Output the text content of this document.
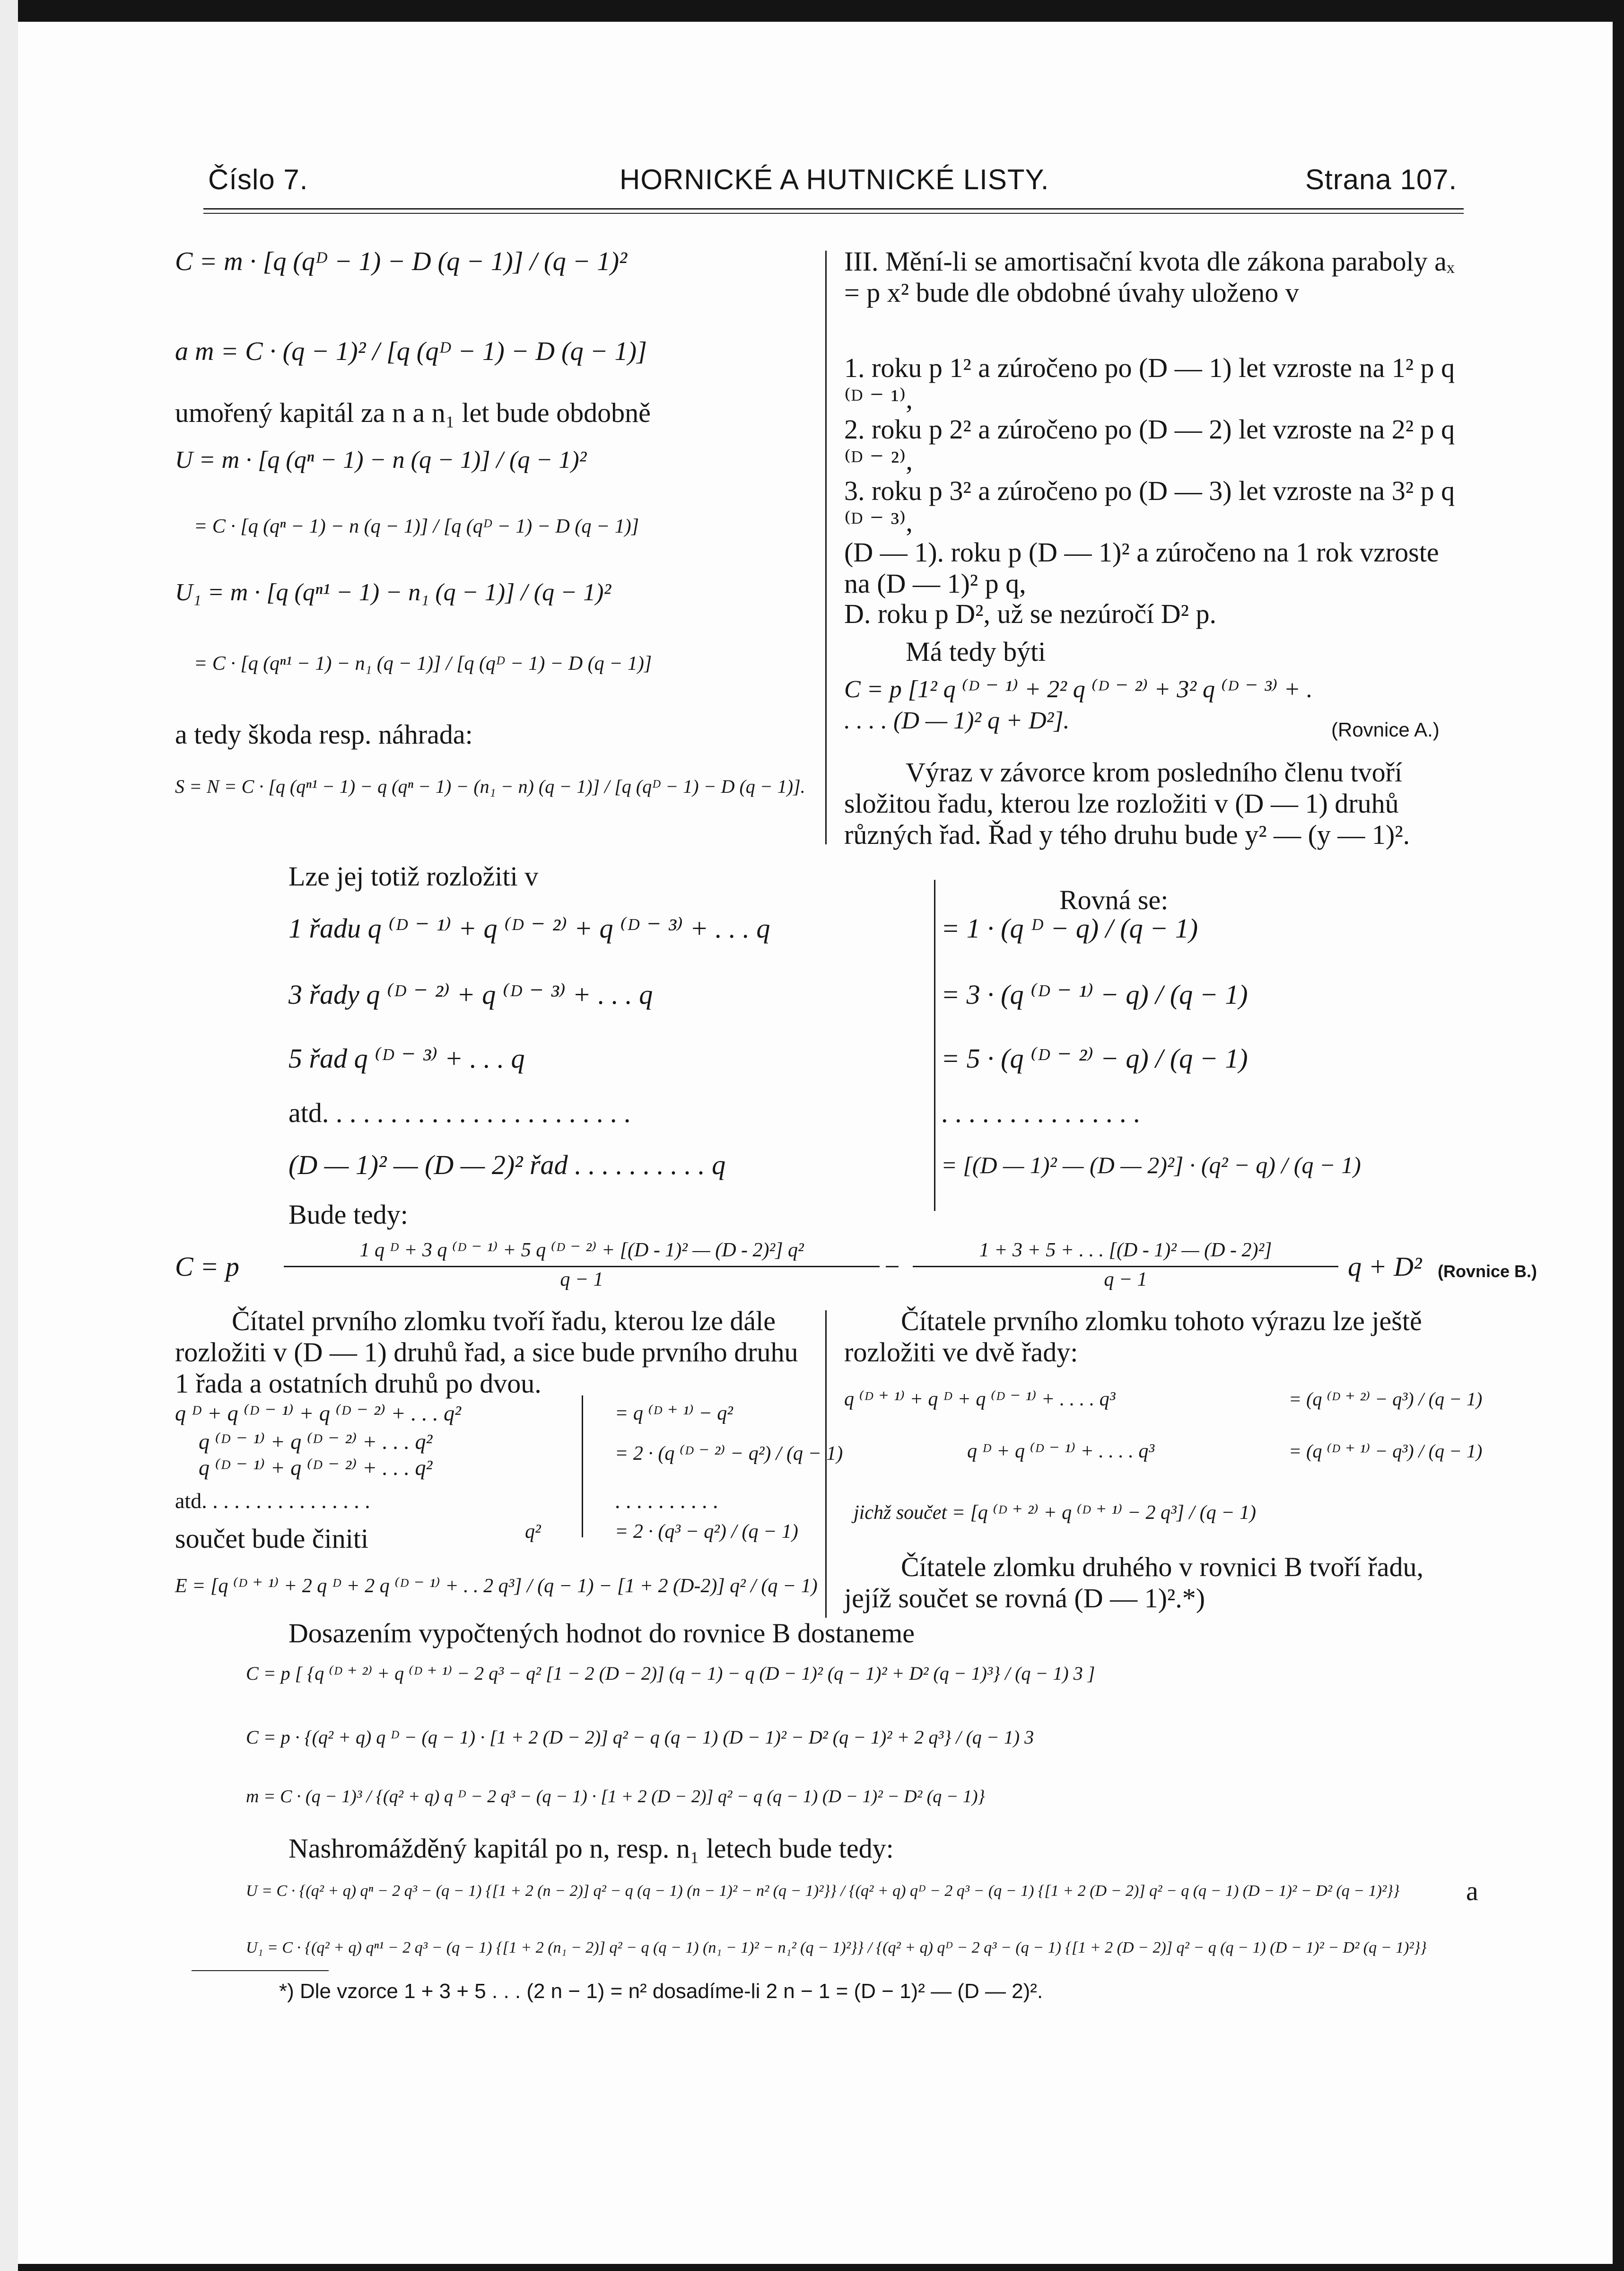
Číslo 7.	HORNICKÉ A HUTNICKÉ LISTY.	Strana 107.
C = m · [q (qᴰ − 1) − D (q − 1)] / (q − 1)²
a m = C · (q − 1)² / [q (qᴰ − 1) − D (q − 1)]
umořený kapitál za n a n₁ let bude obdobně
U = m · [q (qⁿ − 1) − n (q − 1)] / (q − 1)²
= C · [q (qⁿ − 1) − n (q − 1)] / [q (qᴰ − 1) − D (q − 1)]
U₁ = m · [q (qⁿ¹ − 1) − n₁ (q − 1)] / (q − 1)²
= C · [q (qⁿ¹ − 1) − n₁ (q − 1)] / [q (qᴰ − 1) − D (q − 1)]
a tedy škoda resp. náhrada:
S = N = C · [q (qⁿ¹ − 1) − q (qⁿ − 1) − (n₁ − n) (q − 1)] / [q (qᴰ − 1) − D (q − 1)].
III. Mění-li se amortisační kvota dle zákona paraboly aₓ = p x² bude dle obdobné úvahy uloženo v
1. roku p 1² a zúročeno po (D — 1) let vzroste na 1² p q ⁽ᴰ ⁻ ¹⁾,
2. roku p 2² a zúročeno po (D — 2) let vzroste na 2² p q ⁽ᴰ ⁻ ²⁾,
3. roku p 3² a zúročeno po (D — 3) let vzroste na 3² p q ⁽ᴰ ⁻ ³⁾,
(D — 1). roku p (D — 1)² a zúročeno na 1 rok vzroste na (D — 1)² p q,
D. roku p D², už se nezúročí D² p.
Má tedy býti
C = p [1² q ⁽ᴰ ⁻ ¹⁾ + 2² q ⁽ᴰ ⁻ ²⁾ + 3² q ⁽ᴰ ⁻ ³⁾ + . . . . . (D — 1)² q + D²].	(Rovnice A.)
Výraz v závorce krom posledního členu tvoří složitou řadu, kterou lze rozložiti v (D — 1) druhů různých řad. Řad y tého druhu bude y² — (y — 1)².
Lze jej totiž rozložiti v
Rovná se:
1 řadu q ⁽ᴰ ⁻ ¹⁾ + q ⁽ᴰ ⁻ ²⁾ + q ⁽ᴰ ⁻ ³⁾ + . . . q	= 1 · (q ᴰ − q) / (q − 1)
3 řady q ⁽ᴰ ⁻ ²⁾ + q ⁽ᴰ ⁻ ³⁾ + . . . q	= 3 · (q ⁽ᴰ ⁻ ¹⁾ − q) / (q − 1)
5 řad q ⁽ᴰ ⁻ ³⁾ + . . . q	= 5 · (q ⁽ᴰ ⁻ ²⁾ − q) / (q − 1)
atd. . . . . . . . . . . . . . . . . . . . . . .	. . . . . . . . . . . . . . .
(D — 1)² — (D — 2)² řad . . . . . . . . . . q	= [(D — 1)² — (D — 2)²] · (q² − q) / (q − 1)
Bude tedy:
C = p
1 q ᴰ + 3 q ⁽ᴰ ⁻ ¹⁾ + 5 q ⁽ᴰ ⁻ ²⁾ + [(D - 1)² — (D - 2)²] q²
q − 1	−
1 + 3 + 5 + . . . [(D - 1)² — (D - 2)²]
q − 1	q + D² (Rovnice B.)
Čítatel prvního zlomku tvoří řadu, kterou lze dále rozložiti v (D — 1) druhů řad, a sice bude prvního druhu 1 řada a ostatních druhů po dvou.
q ᴰ + q ⁽ᴰ ⁻ ¹⁾ + q ⁽ᴰ ⁻ ²⁾ + . . . q²	= q ⁽ᴰ ⁺ ¹⁾ − q²
q ⁽ᴰ ⁻ ¹⁾ + q ⁽ᴰ ⁻ ²⁾ + . . . q²
q ⁽ᴰ ⁻ ¹⁾ + q ⁽ᴰ ⁻ ²⁾ + . . . q²
= 2 · (q ⁽ᴰ ⁻ ²⁾ − q²) / (q − 1)
atd. . . . . . . . . . . . . . . .	. . . . . . . . . .
součet bude činiti	q²	= 2 · (q³ − q²) / (q − 1)
E = [q ⁽ᴰ ⁺ ¹⁾ + 2 q ᴰ + 2 q ⁽ᴰ ⁻ ¹⁾ + . . 2 q³] / (q − 1) − [1 + 2 (D-2)] q² / (q − 1)
Čítatele prvního zlomku tohoto výrazu lze ještě rozložiti ve dvě řady:
q ⁽ᴰ ⁺ ¹⁾ + q ᴰ + q ⁽ᴰ ⁻ ¹⁾ + . . . . q³	= (q ⁽ᴰ ⁺ ²⁾ − q³) / (q − 1)
q ᴰ + q ⁽ᴰ ⁻ ¹⁾ + . . . . q³	= (q ⁽ᴰ ⁺ ¹⁾ − q³) / (q − 1)
jichž součet = [q ⁽ᴰ ⁺ ²⁾ + q ⁽ᴰ ⁺ ¹⁾ − 2 q³] / (q − 1)
Čítatele zlomku druhého v rovnici B tvoří řadu, jejíž součet se rovná (D — 1)².*)
Dosazením vypočtených hodnot do rovnice B dostaneme
C = p [ {q ⁽ᴰ ⁺ ²⁾ + q ⁽ᴰ ⁺ ¹⁾ − 2 q³ − q² [1 − 2 (D − 2)] (q − 1) − q (D − 1)² (q − 1)² + D² (q − 1)³} / (q − 1) 3 ]
C = p · {(q² + q) q ᴰ − (q − 1) · [1 + 2 (D − 2)] q² − q (q − 1) (D − 1)² − D² (q − 1)² + 2 q³} / (q − 1) 3
m = C · (q − 1)³ / {(q² + q) q ᴰ − 2 q³ − (q − 1) · [1 + 2 (D − 2)] q² − q (q − 1) (D − 1)² − D² (q − 1)}
Nashromážděný kapitál po n, resp. n₁ letech bude tedy:
U = C · {(q² + q) qⁿ − 2 q³ − (q − 1) {[1 + 2 (n − 2)] q² − q (q − 1) (n − 1)² − n² (q − 1)²}} / {(q² + q) qᴰ − 2 q³ − (q − 1) {[1 + 2 (D − 2)] q² − q (q − 1) (D − 1)² − D² (q − 1)²}} a
U₁ = C · {(q² + q) qⁿ¹ − 2 q³ − (q − 1) {[1 + 2 (n₁ − 2)] q² − q (q − 1) (n₁ − 1)² − n₁² (q − 1)²}} / {(q² + q) qᴰ − 2 q³ − (q − 1) {[1 + 2 (D − 2)] q² − q (q − 1) (D − 1)² − D² (q − 1)²}}
*) Dle vzorce 1 + 3 + 5 . . . (2 n − 1) = n² dosadíme-li 2 n − 1 = (D − 1)² — (D — 2)².
